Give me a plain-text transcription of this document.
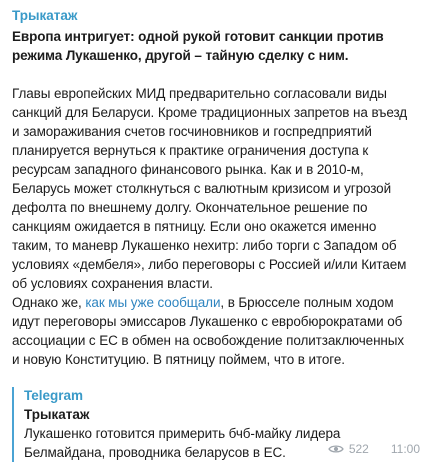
Трыкатаж
Европа интригует: одной рукой готовит санкции против
режима Лукашенко, другой – тайную сделку с ним.
Главы европейских МИД предварительно согласовали виды
санкций для Беларуси. Кроме традиционных запретов на въезд
и замораживания счетов госчиновников и госпредприятий
планируется вернуться к практике ограничения доступа к
ресурсам западного финансового рынка. Как и в 2010-м,
Беларусь может столкнуться с валютным кризисом и угрозой
дефолта по внешнему долгу. Окончательное решение по
санкциям ожидается в пятницу. Если оно окажется именно
таким, то маневр Лукашенко нехитр: либо торги с Западом об
условиях «дембеля», либо переговоры с Россией и/или Китаем
об условиях сохранения власти.
Однако же, как мы уже сообщали, в Брюсселе полным ходом
идут переговоры эмиссаров Лукашенко с евробюрократами об
ассоциации с ЕС в обмен на освобождение политзаключенных
и новую Конституцию. В пятницу поймем, что в итоге.
Telegram
Трыкатаж
Лукашенко готовится примерить бчб-майку лидера
Белмайдана, проводника беларусов в ЕС.	522 11:00
